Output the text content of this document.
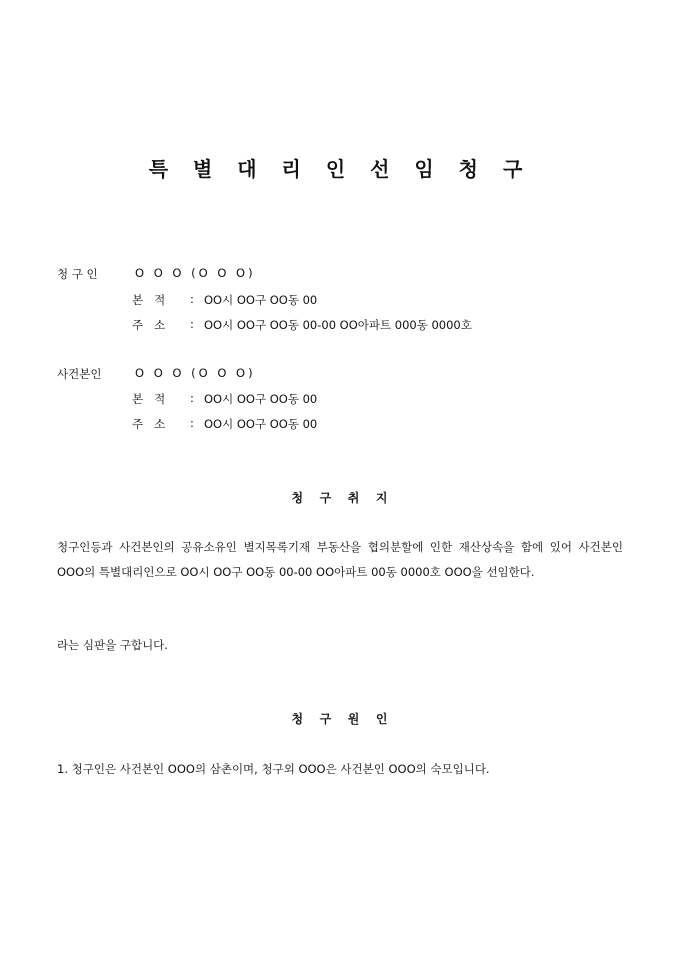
특 별 대 리 인 선 임 청 구
청 구 인	O O O (O O O)
본   적 : OO시 OO구 OO동 00
주   소 : OO시 OO구 OO동 00-00 OO아파트 000동 0000호
사건본인	O O O (O O O)
본   적 : OO시 OO구 OO동 00
주   소 : OO시 OO구 OO동 00
청   구   취   지
청구인등과 사건본인의 공유소유인 별지목록기재 부동산을 협의분할에 인한 재산상속을 함에 있어 사건본인 OOO의 특별대리인으로 OO시 OO구 OO동 00-00 OO아파트 00동 0000호 OOO을 선임한다.
라는 심판을 구합니다.
청   구   원   인
1. 청구인은 사건본인 OOO의 삼촌이며, 청구외 OOO은 사건본인 OOO의 숙모입니다.
